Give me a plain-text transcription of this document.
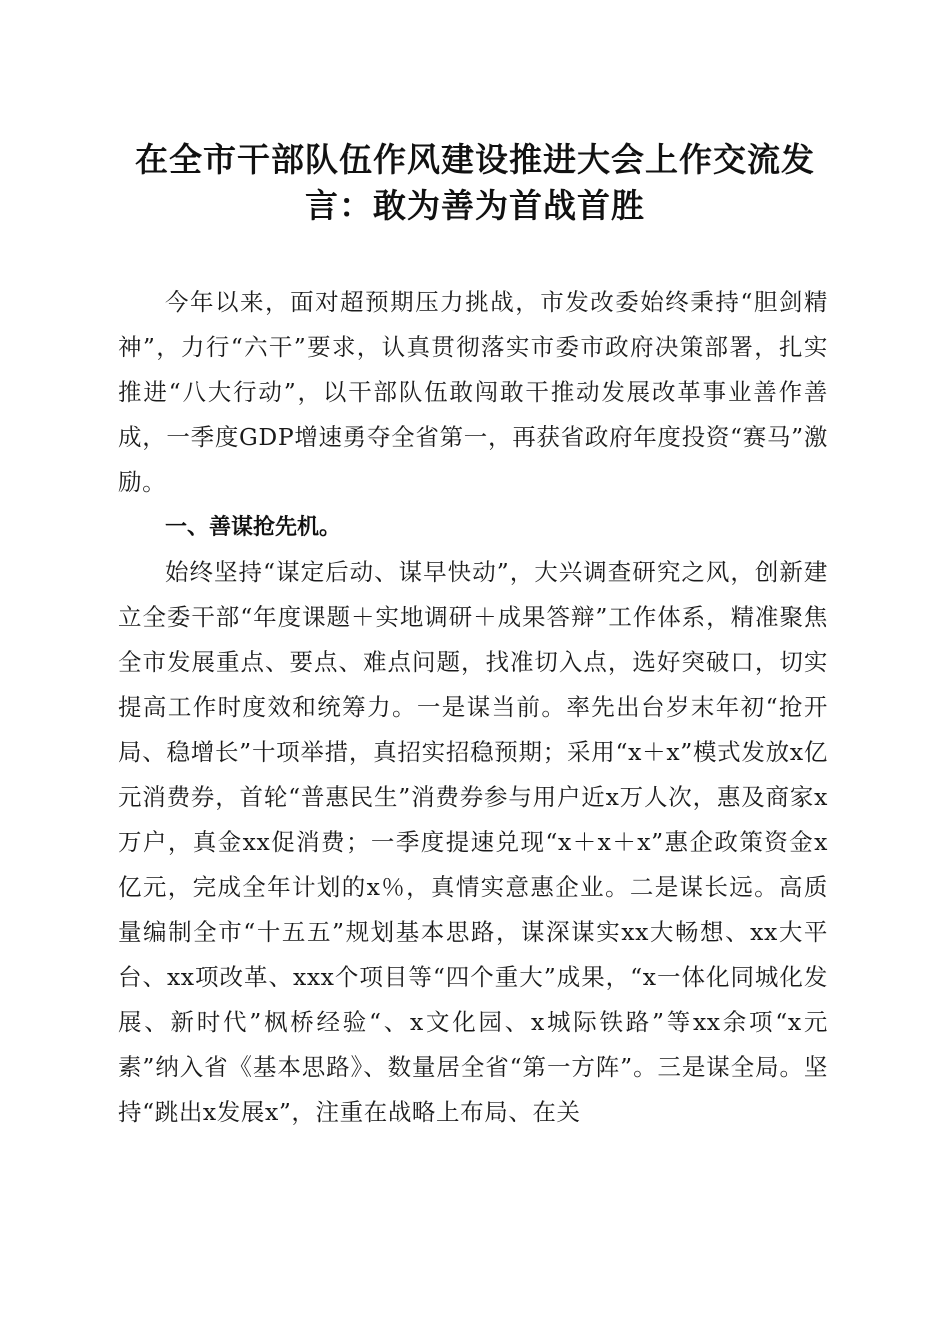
在全市干部队伍作风建设推进大会上作交流发
言：敢为善为首战首胜

今年以来，面对超预期压力挑战，市发改委始终秉持“胆剑精神”，力行“六干”要求，认真贯彻落实市委市政府决策部署，扎实推进“八大行动”，以干部队伍敢闯敢干推动发展改革事业善作善成，一季度GDP增速勇夺全省第一，再获省政府年度投资“赛马”激励。

一、善谋抢先机。

始终坚持“谋定后动、谋早快动”，大兴调查研究之风，创新建立全委干部“年度课题＋实地调研＋成果答辩”工作体系，精准聚焦全市发展重点、要点、难点问题，找准切入点，选好突破口，切实提高工作时度效和统筹力。一是谋当前。率先出台岁末年初“抢开局、稳增长”十项举措，真招实招稳预期；采用“x＋x”模式发放x亿元消费券，首轮“普惠民生”消费券参与用户近x万人次，惠及商家x万户，真金xx促消费；一季度提速兑现“x＋x＋x”惠企政策资金x亿元，完成全年计划的x％，真情实意惠企业。二是谋长远。高质量编制全市“十五五”规划基本思路，谋深谋实xx大畅想、xx大平台、xx项改革、xxx个项目等“四个重大”成果，“x一体化同城化发展、新时代”枫桥经验“、x文化园、x城际铁路”等xx余项“x元素”纳入省《基本思路》、数量居全省“第一方阵”。三是谋全局。坚持“跳出x发展x”，注重在战略上布局、在关
